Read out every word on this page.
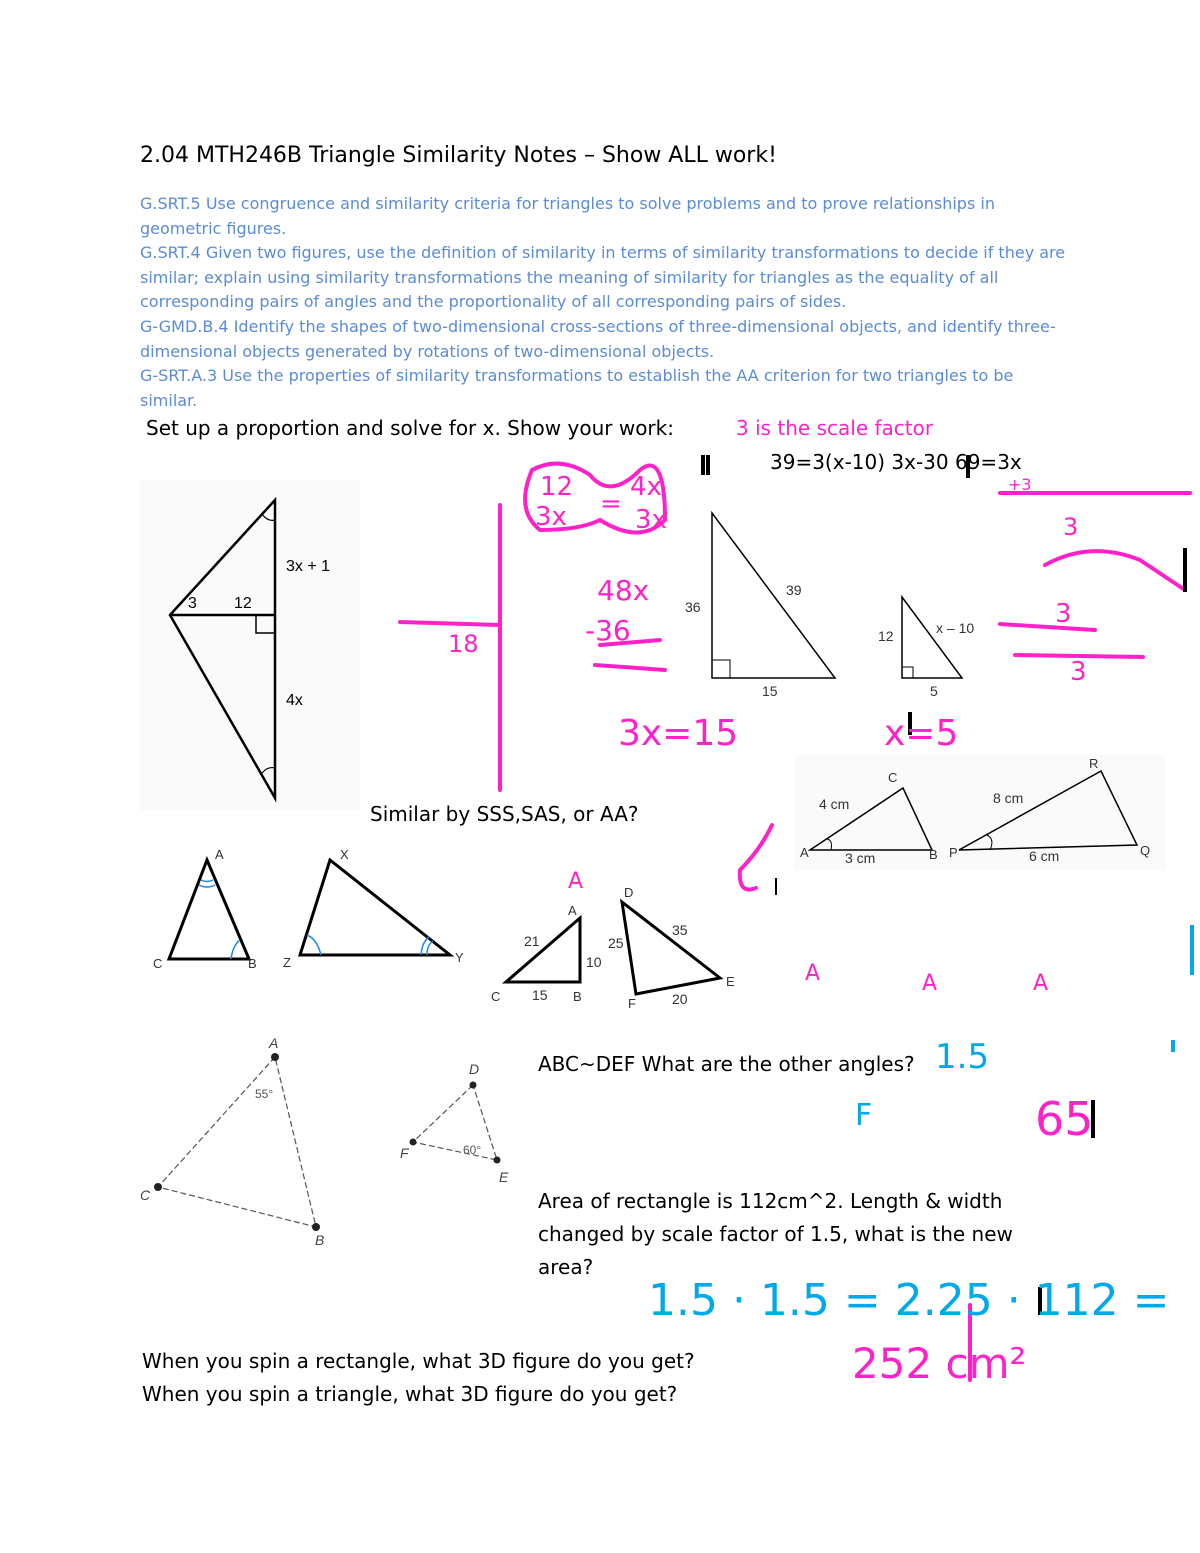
2.04 MTH246B Triangle Similarity Notes – Show ALL work!
G.SRT.5 Use congruence and similarity criteria for triangles to solve problems and to prove relationships in geometric figures.
G.SRT.4 Given two figures, use the definition of similarity in terms of similarity transformations to decide if they are similar; explain using similarity transformations the meaning of similarity for triangles as the equality of all corresponding pairs of angles and the proportionality of all corresponding pairs of sides.
G-GMD.B.4 Identify the shapes of two-dimensional cross-sections of three-dimensional objects, and identify three-dimensional objects generated by rotations of two-dimensional objects.
G-SRT.A.3 Use the properties of similarity transformations to establish the AA criterion for two triangles to be similar.
Set up a proportion and solve for x. Show your work:	3 is the scale factor
39=3(x-10) 3x-30 69=3x
Similar by SSS,SAS, or AA?
ABC~DEF What are the other angles?
Area of rectangle is 112cm^2. Length & width changed by scale factor of 1.5, what is the new area?
When you spin a rectangle, what 3D figure do you get?
When you spin a triangle, what 3D figure do you get?
3 12
3x + 1
4x
36
39
15
12	x – 10
5
4 cm
3 cm
A	B
C
8 cm
6 cm
P	Q
R
A
B
C
X
Y
Z
21
10
15
A
B
C
25
35
20
D
E
F
55°
A
B
C
60°
D
E
F
12
3x =
4x
3x
18
48x
-36
3x=15	x=5
A
A	A	A
1.5
F	65
1.5 · 1.5 = 2.25 · 112 =
252 cm²
+3
3
3
3
